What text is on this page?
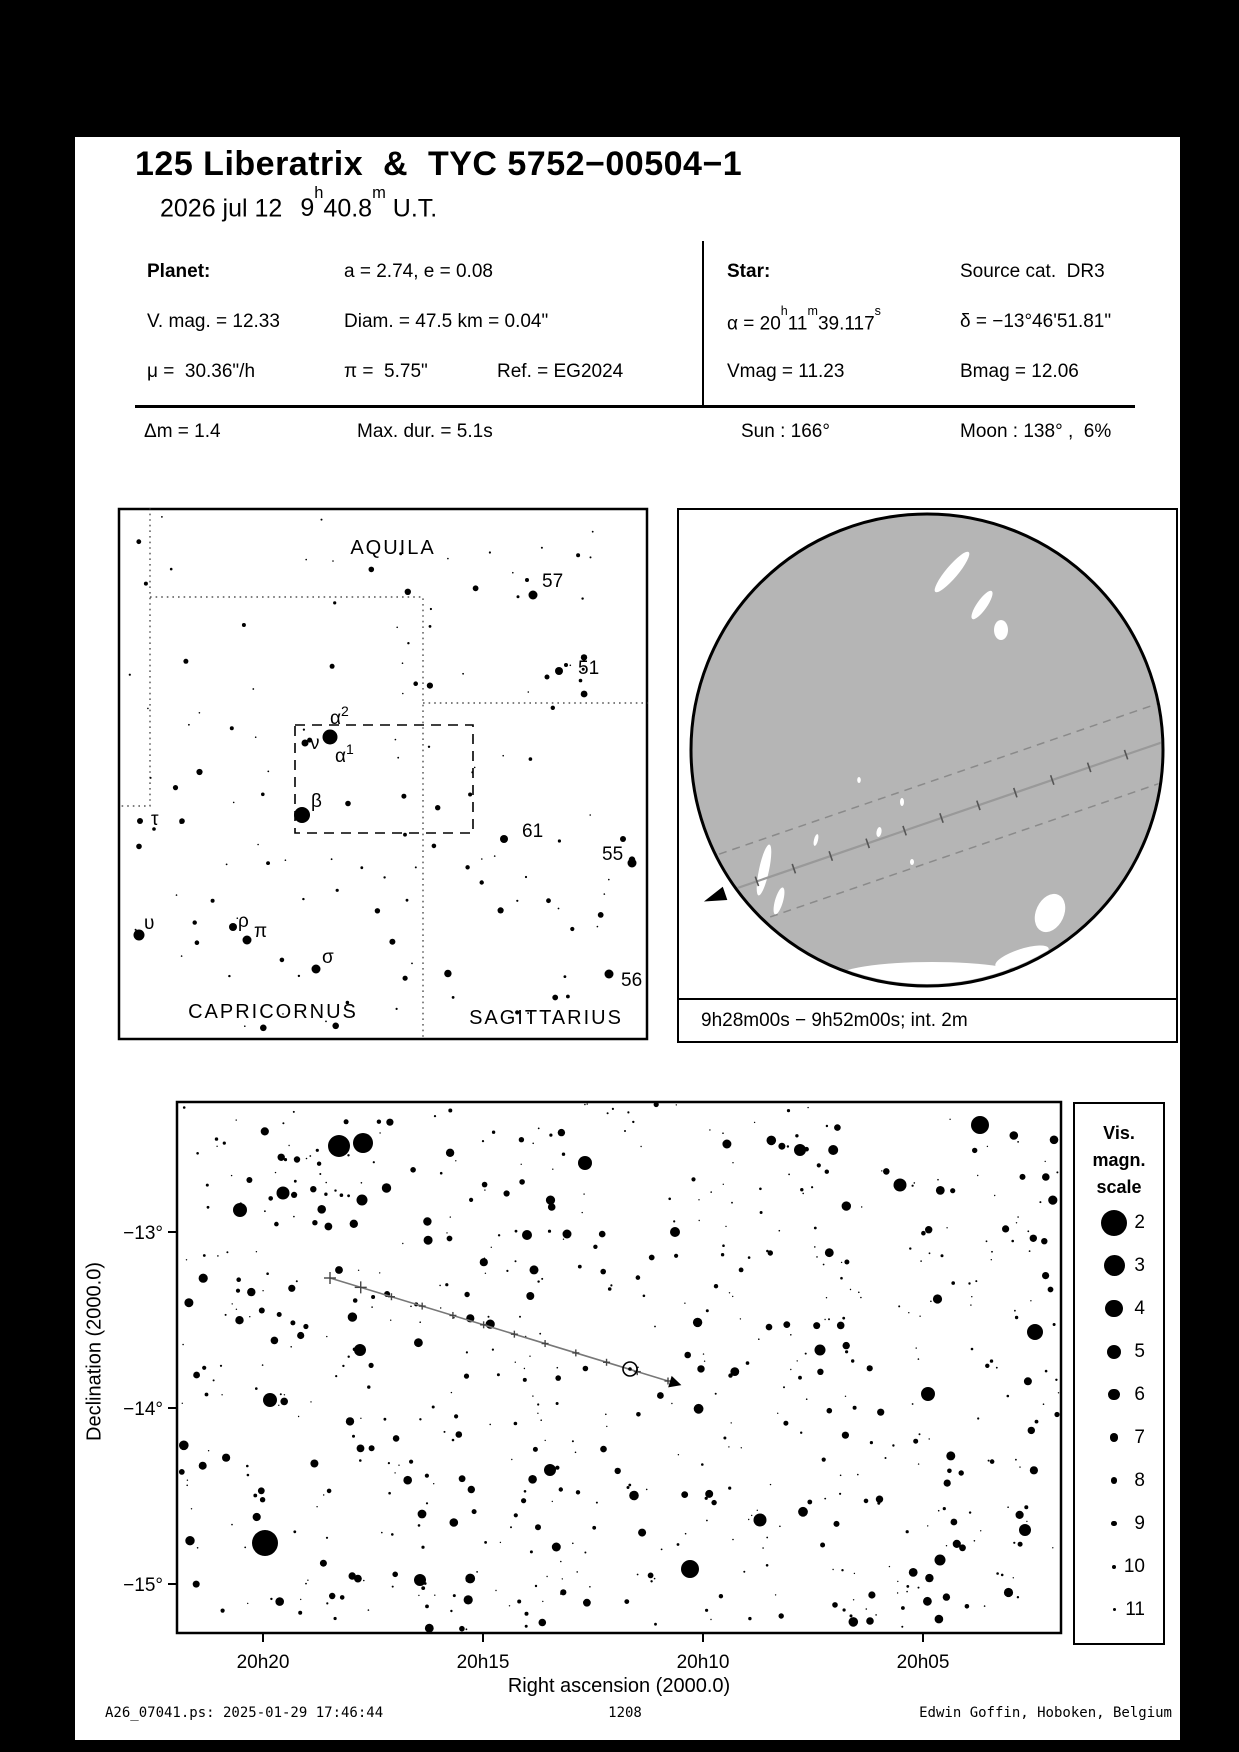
125 Liberatrix  &  TYC 5752−00504−1
2026 jul 12 9$^h$40.8$^m$ U.T.
Planet:	a = 2.74, e = 0.08	Star:	Source cat.  DR3
V. mag. = 12.33	Diam. = 47.5 km = 0.04"	$\alpha = 20^h11^m39.117^s$	δ = −13°46'51.81"
μ =  30.36"/h	π =  5.75"	Ref. = EG2024	Vmag = 11.23	Bmag = 12.06
Δm = 1.4	Max. dur. = 5.1s	Sun : 166°	Moon : 138° ,  6%
57
51
ν
$\alpha^2$
$\alpha^1$
β
τ
61
55
υ	ρ π
σ
56
AQUILA
CAPRICORNUS	SAGITTARIUS	9h28m00s − 9h52m00s; int. 2m
−13°
−14°
−15°
20h20	20h15	20h10	20h05
Declination (2000.0)
Right ascension (2000.0)
Vis.
magn.
scale
2
3
4
5
6
7
8
9
10
11
A26_07041.ps: 2025-01-29 17:46:44	1208	Edwin Goffin, Hoboken, Belgium
